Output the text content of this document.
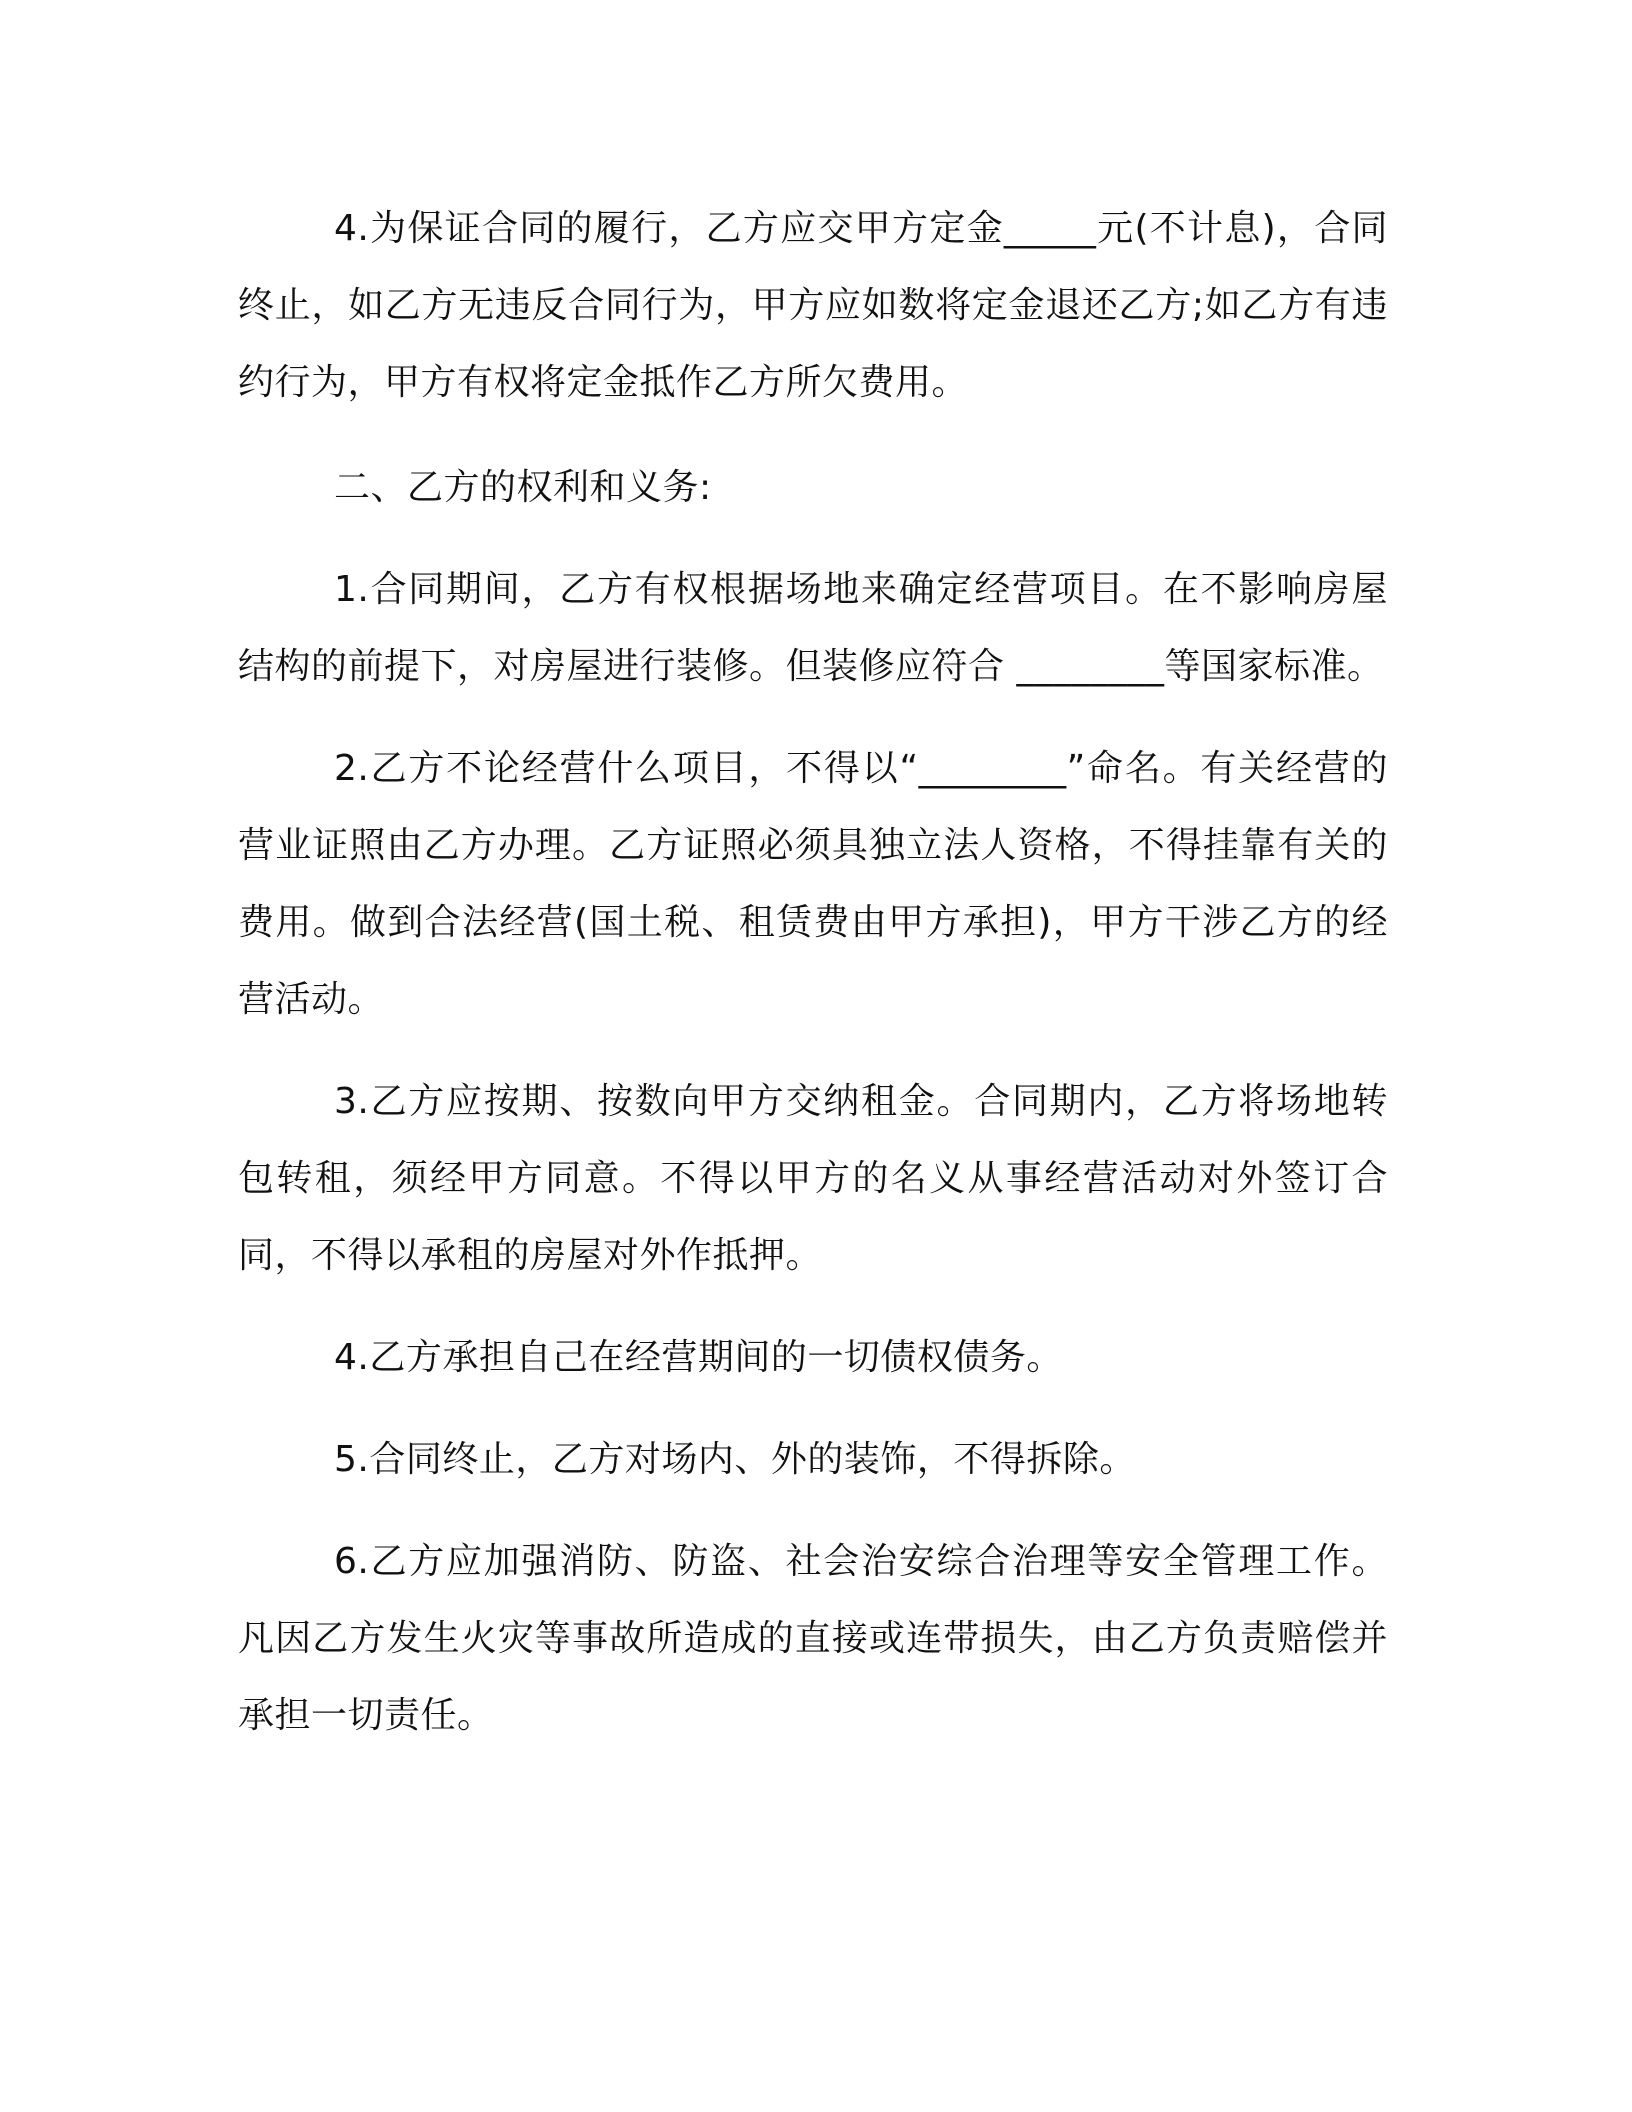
4.为保证合同的履行，乙方应交甲方定金_____元(不计息)，合同终止，如乙方无违反合同行为，甲方应如数将定金退还乙方;如乙方有违约行为，甲方有权将定金抵作乙方所欠费用。

二、乙方的权利和义务:

1.合同期间，乙方有权根据场地来确定经营项目。在不影响房屋结构的前提下，对房屋进行装修。但装修应符合 ________等国家标准。

2.乙方不论经营什么项目，不得以“________”命名。有关经营的营业证照由乙方办理。乙方证照必须具独立法人资格，不得挂靠有关的费用。做到合法经营(国土税、租赁费由甲方承担)，甲方干涉乙方的经营活动。

3.乙方应按期、按数向甲方交纳租金。合同期内，乙方将场地转包转租，须经甲方同意。不得以甲方的名义从事经营活动对外签订合同，不得以承租的房屋对外作抵押。

4.乙方承担自己在经营期间的一切债权债务。

5.合同终止，乙方对场内、外的装饰，不得拆除。

6.乙方应加强消防、防盗、社会治安综合治理等安全管理工作。凡因乙方发生火灾等事故所造成的直接或连带损失，由乙方负责赔偿并承担一切责任。
